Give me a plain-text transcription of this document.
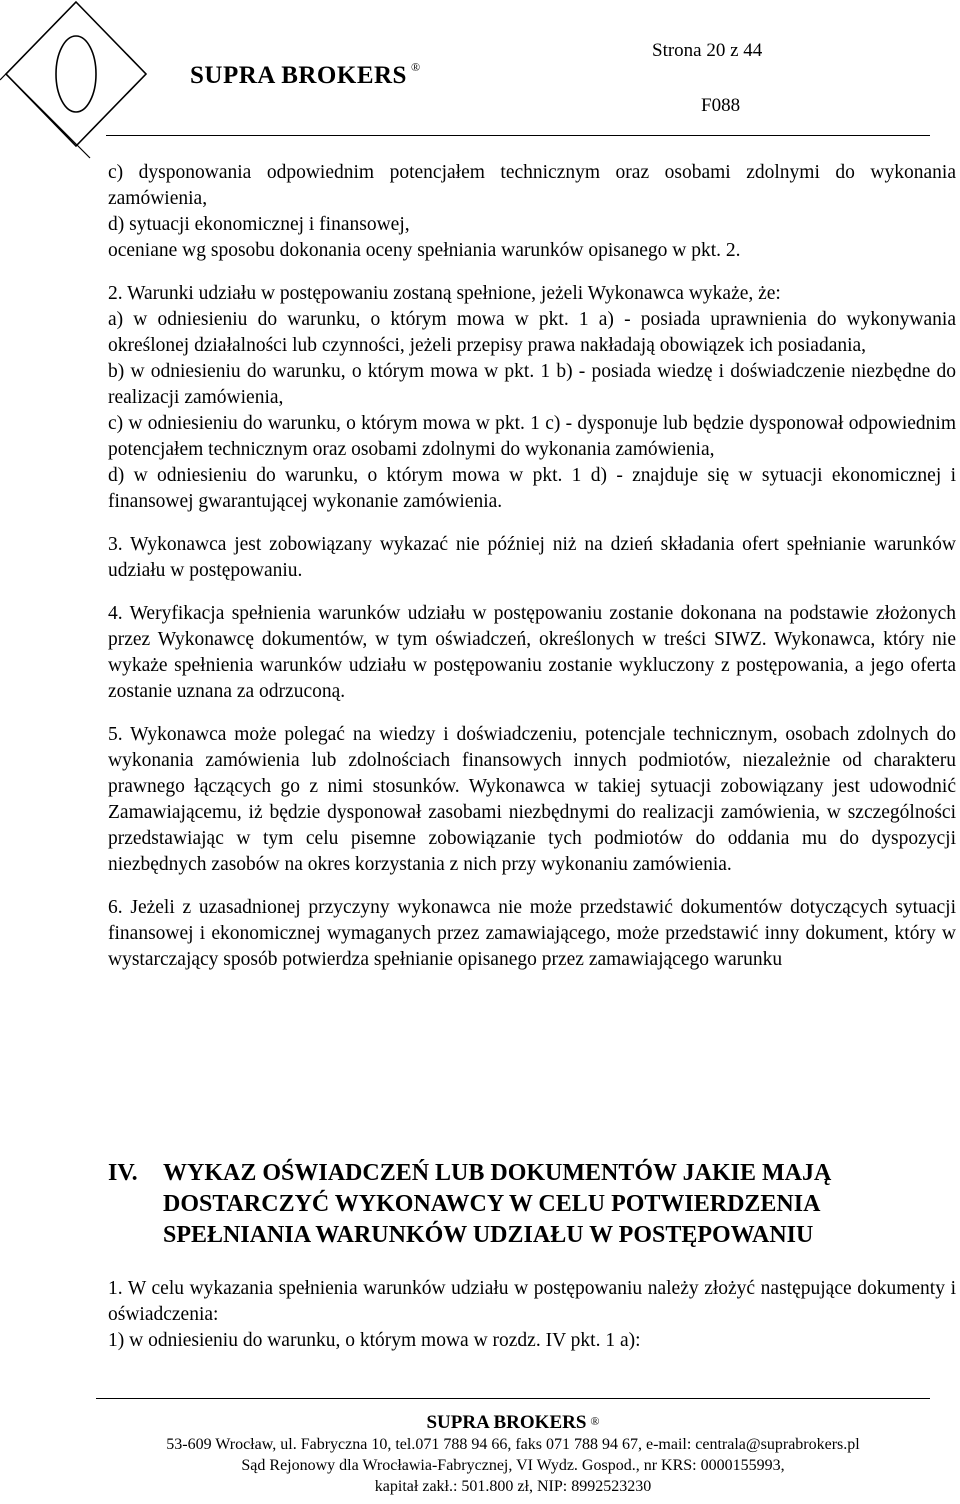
SUPRA BROKERS ®
Strona 20 z 44
F088

c) dysponowania odpowiednim potencjałem technicznym oraz osobami zdolnymi do wykonania zamówienia,

d) sytuacji ekonomicznej i finansowej,

oceniane wg sposobu dokonania oceny spełniania warunków opisanego w pkt. 2.

2. Warunki udziału w postępowaniu zostaną spełnione, jeżeli Wykonawca wykaże, że:

a) w odniesieniu do warunku, o którym mowa w pkt. 1 a) - posiada uprawnienia do wykonywania określonej działalności lub czynności, jeżeli przepisy prawa nakładają obowiązek ich posiadania,

b) w odniesieniu do warunku, o którym mowa w pkt. 1 b) - posiada wiedzę i doświadczenie niezbędne do realizacji zamówienia,

c) w odniesieniu do warunku, o którym mowa w pkt. 1 c) - dysponuje lub będzie dysponował odpowiednim potencjałem technicznym oraz osobami zdolnymi do wykonania zamówienia,

d) w odniesieniu do warunku, o którym mowa w pkt. 1 d) - znajduje się w sytuacji ekonomicznej i finansowej gwarantującej wykonanie zamówienia.

3. Wykonawca jest zobowiązany wykazać nie później niż na dzień składania ofert spełnianie warunków udziału w postępowaniu.

4. Weryfikacja spełnienia warunków udziału w postępowaniu zostanie dokonana na podstawie złożonych przez Wykonawcę dokumentów, w tym oświadczeń, określonych w treści SIWZ. Wykonawca, który nie wykaże spełnienia warunków udziału w postępowaniu zostanie wykluczony z postępowania, a jego oferta zostanie uznana za odrzuconą.

5. Wykonawca może polegać na wiedzy i doświadczeniu, potencjale technicznym, osobach zdolnych do wykonania zamówienia lub zdolnościach finansowych innych podmiotów, niezależnie od charakteru prawnego łączących go z nimi stosunków. Wykonawca w takiej sytuacji zobowiązany jest udowodnić Zamawiającemu, iż będzie dysponował zasobami niezbędnymi do realizacji zamówienia, w szczególności przedstawiając w tym celu pisemne zobowiązanie tych podmiotów do oddania mu do dyspozycji niezbędnych zasobów na okres korzystania z nich przy wykonaniu zamówienia.

6. Jeżeli z uzasadnionej przyczyny wykonawca nie może przedstawić dokumentów dotyczących sytuacji finansowej i ekonomicznej wymaganych przez zamawiającego, może przedstawić inny dokument, który w wystarczający sposób potwierdza spełnianie opisanego przez zamawiającego warunku

IV. WYKAZ OŚWIADCZEŃ LUB DOKUMENTÓW JAKIE MAJĄ DOSTARCZYĆ WYKONAWCY W CELU POTWIERDZENIA SPEŁNIANIA WARUNKÓW UDZIAŁU W POSTĘPOWANIU

1. W celu wykazania spełnienia warunków udziału w postępowaniu należy złożyć następujące dokumenty i oświadczenia:

1) w odniesieniu do warunku, o którym mowa w rozdz. IV pkt. 1 a):

SUPRA BROKERS ®
53-609 Wrocław, ul. Fabryczna 10, tel.071 788 94 66, faks 071 788 94 67, e-mail: centrala@suprabrokers.pl
Sąd Rejonowy dla Wrocławia-Fabrycznej, VI Wydz. Gospod., nr KRS: 0000155993,
kapitał zakł.: 501.800 zł, NIP: 8992523230
